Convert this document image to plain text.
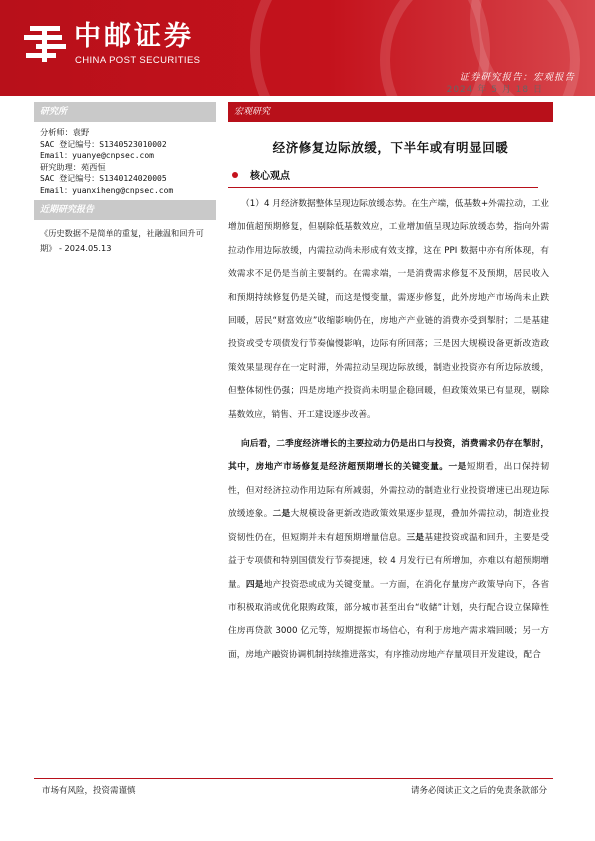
中邮证券
CHINA POST SECURITIES
证券研究报告：宏观报告
2024 年 5 月 18 日
研究所
分析师：袁野
SAC 登记编号：S1340523010002
Email：yuanye@cnpsec.com
研究助理：苑西恒
SAC 登记编号：S1340124020005
Email：yuanxiheng@cnpsec.com
近期研究报告
《历史数据不是简单的重复，社融温和回升可期》 - 2024.05.13
宏观研究
经济修复边际放缓，下半年或有明显回暖
核心观点

（1）4 月经济数据整体呈现边际放缓态势。在生产端，低基数+外需拉动，工业增加值超预期修复，但剔除低基数效应，工业增加值呈现边际放缓态势，指向外需拉动作用边际放缓，内需拉动尚未形成有效支撑，这在 PPI 数据中亦有所体现，有效需求不足仍是当前主要制约。在需求端，一是消费需求修复不及预期，居民收入和预期持续修复仍是关键，而这是慢变量，需逐步修复，此外房地产市场尚未止跌回暖，居民“财富效应”收缩影响仍在，房地产产业链的消费亦受到掣肘；二是基建投资或受专项债发行节奏偏慢影响，边际有所回落；三是因大规模设备更新改造政策效果显现存在一定时滞，外需拉动呈现边际放缓，制造业投资亦有所边际放缓，但整体韧性仍强；四是房地产投资尚未明显企稳回暖，但政策效果已有显现，剔除基数效应，销售、开工建设逐步改善。

向后看，二季度经济增长的主要拉动力仍是出口与投资，消费需求仍存在掣肘，其中，房地产市场修复是经济超预期增长的关键变量。一是短期看，出口保持韧性，但对经济拉动作用边际有所减弱，外需拉动的制造业行业投资增速已出现边际放缓迹象。二是大规模设备更新改造政策效果逐步显现，叠加外需拉动，制造业投资韧性仍在，但短期并未有超预期增量信息。三是基建投资或温和回升，主要是受益于专项债和特别国债发行节奏提速，较 4 月发行已有所增加，亦难以有超预期增量。四是地产投资恐或成为关键变量。一方面，在消化存量房产政策导向下，各省市积极取消或优化限购政策，部分城市甚至出台“收储”计划，央行配合设立保障性住房再贷款 3000 亿元等，短期提振市场信心，有利于房地产需求端回暖；另一方面，房地产融资协调机制持续推进落实，有序推动房地产存量项目开发建设，配合

市场有风险，投资需谨慎	请务必阅读正文之后的免责条款部分
